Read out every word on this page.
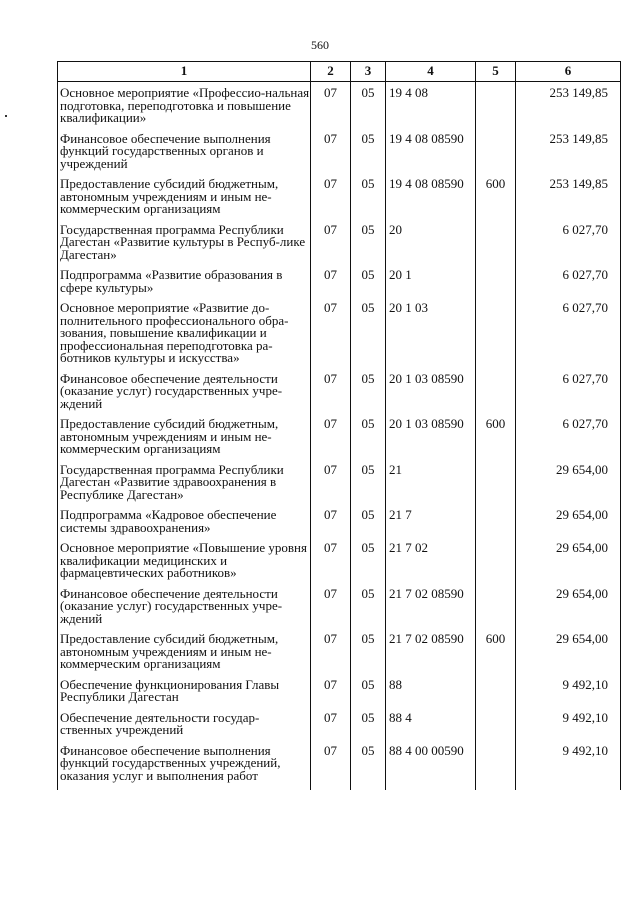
560
1	2	3	4	5	6
Основное мероприятие «Профессио-нальная подготовка, переподготовка и повышение квалификации»	07	05	19 4 08		253 149,85
Финансовое обеспечение выполнения функций государственных органов и учреждений	07	05	19 4 08 08590		253 149,85
Предоставление субсидий бюджетным, автономным учреждениям и иным не-коммерческим организациям	07	05	19 4 08 08590	600	253 149,85
Государственная программа Республики Дагестан «Развитие культуры в Респуб-лике Дагестан»	07	05	20		6 027,70
Подпрограмма «Развитие образования в сфере культуры»	07	05	20 1		6 027,70
Основное мероприятие «Развитие до-полнительного профессионального обра-зования, повышение квалификации и профессиональная переподготовка ра-ботников культуры и искусства»	07	05	20 1 03		6 027,70
Финансовое обеспечение деятельности (оказание услуг) государственных учре-ждений	07	05	20 1 03 08590		6 027,70
Предоставление субсидий бюджетным, автономным учреждениям и иным не-коммерческим организациям	07	05	20 1 03 08590	600	6 027,70
Государственная программа Республики Дагестан «Развитие здравоохранения в Республике Дагестан»	07	05	21		29 654,00
Подпрограмма «Кадровое обеспечение системы здравоохранения»	07	05	21 7		29 654,00
Основное мероприятие «Повышение уровня квалификации медицинских и фармацевтических работников»	07	05	21 7 02		29 654,00
Финансовое обеспечение деятельности (оказание услуг) государственных учре-ждений	07	05	21 7 02 08590		29 654,00
Предоставление субсидий бюджетным, автономным учреждениям и иным не-коммерческим организациям	07	05	21 7 02 08590	600	29 654,00
Обеспечение функционирования Главы Республики Дагестан	07	05	88		9 492,10
Обеспечение деятельности государ-ственных учреждений	07	05	88 4		9 492,10
Финансовое обеспечение выполнения функций государственных учреждений, оказания услуг и выполнения работ	07	05	88 4 00 00590		9 492,10
